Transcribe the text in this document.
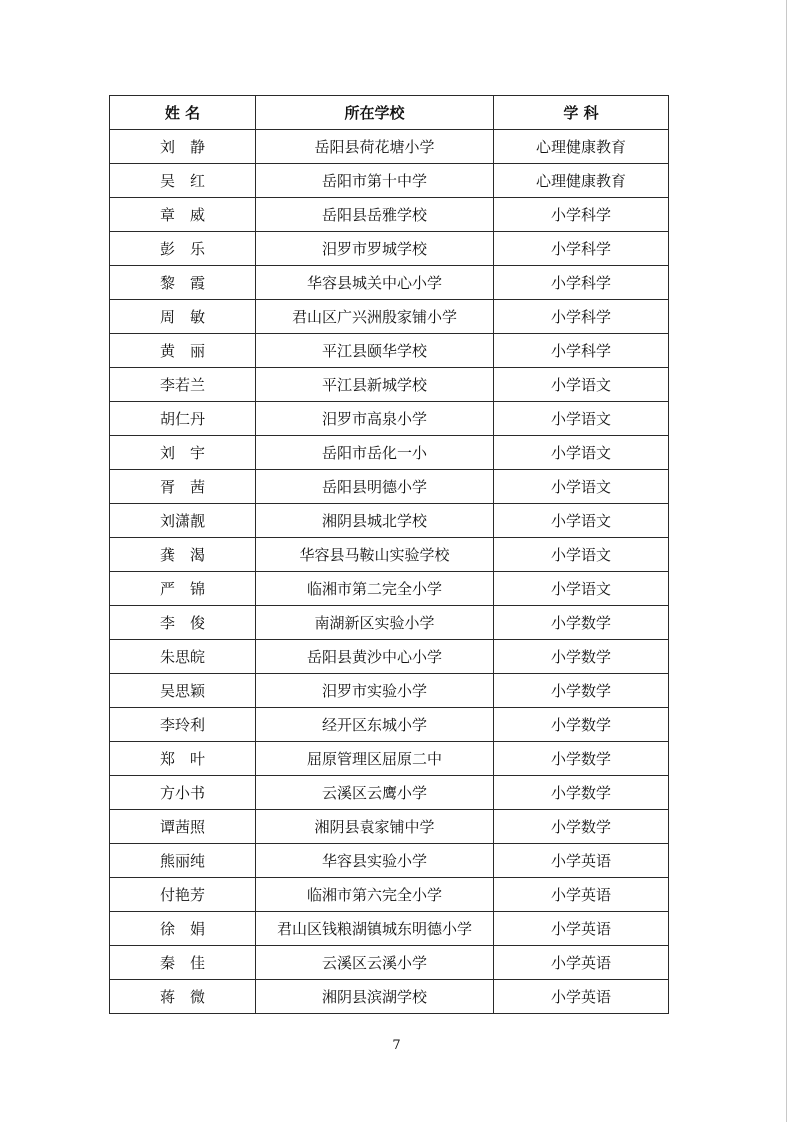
姓 名	所在学校	学 科
刘　静	岳阳县荷花塘小学	心理健康教育
吴　红	岳阳市第十中学	心理健康教育
章　威	岳阳县岳雅学校	小学科学
彭　乐	汨罗市罗城学校	小学科学
黎　霞	华容县城关中心小学	小学科学
周　敏	君山区广兴洲殷家铺小学	小学科学
黄　丽	平江县颐华学校	小学科学
李若兰	平江县新城学校	小学语文
胡仁丹	汨罗市高泉小学	小学语文
刘　宇	岳阳市岳化一小	小学语文
胥　茜	岳阳县明德小学	小学语文
刘潇靓	湘阴县城北学校	小学语文
龚　渴	华容县马鞍山实验学校	小学语文
严　锦	临湘市第二完全小学	小学语文
李　俊	南湖新区实验小学	小学数学
朱思皖	岳阳县黄沙中心小学	小学数学
吴思颖	汨罗市实验小学	小学数学
李玲利	经开区东城小学	小学数学
郑　叶	屈原管理区屈原二中	小学数学
方小书	云溪区云鹰小学	小学数学
谭茜照	湘阴县袁家铺中学	小学数学
熊丽纯	华容县实验小学	小学英语
付艳芳	临湘市第六完全小学	小学英语
徐　娟	君山区钱粮湖镇城东明德小学	小学英语
秦　佳	云溪区云溪小学	小学英语
蒋　微	湘阴县滨湖学校	小学英语
7
